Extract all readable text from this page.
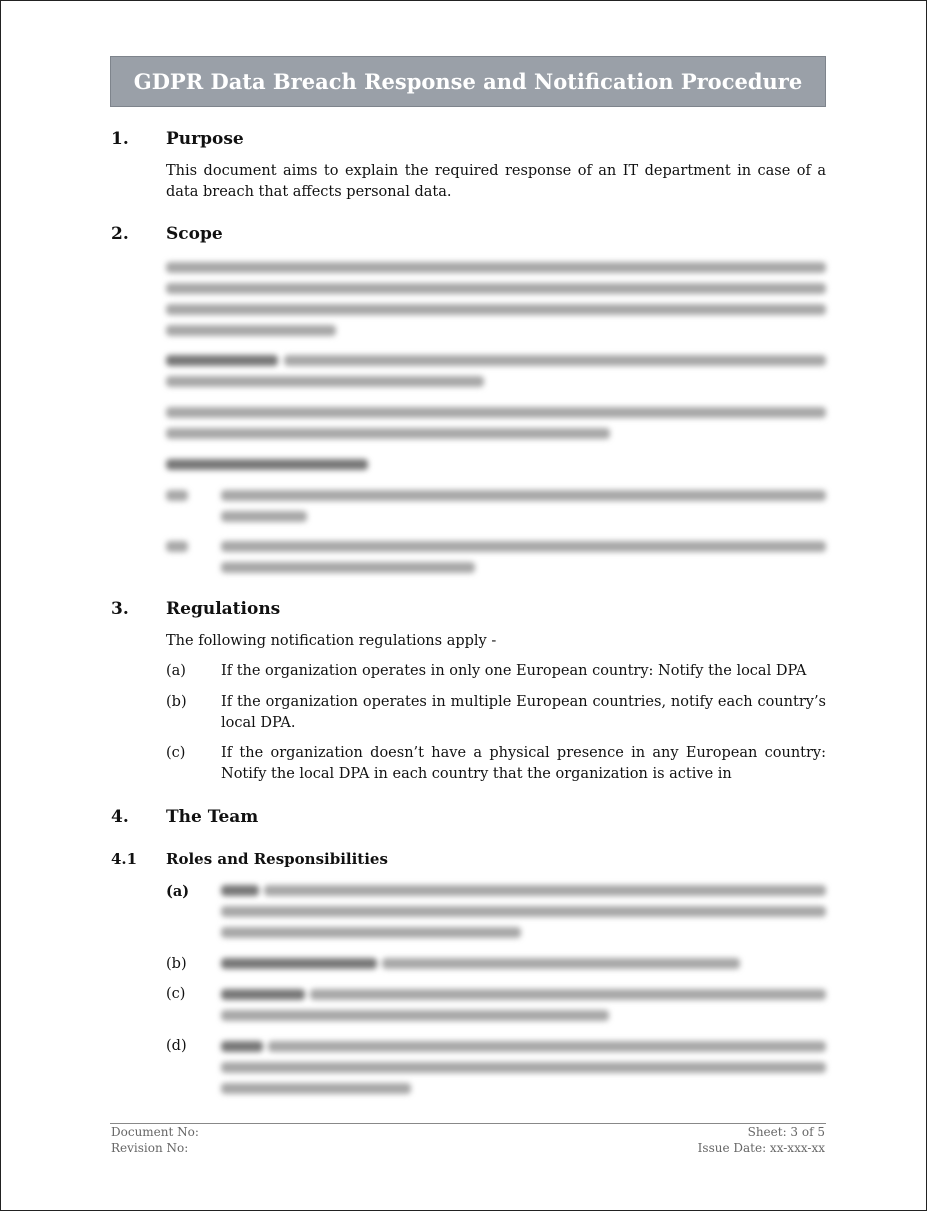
GDPR Data Breach Response and Notification Procedure
1. Purpose
This document aims to explain the required response of an IT department in case of a data breach that affects personal data.
2. Scope
3. Regulations
The following notification regulations apply -
(a) If the organization operates in only one European country: Notify the local DPA
(b) If the organization operates in multiple European countries, notify each country’s local DPA.
(c) If the organization doesn’t have a physical presence in any European country: Notify the local DPA in each country that the organization is active in
4. The Team
4.1 Roles and Responsibilities
(a)
(b)
(c)
(d)
Document No:
Revision No:
Sheet: 3 of 5
Issue Date: xx-xxx-xx
